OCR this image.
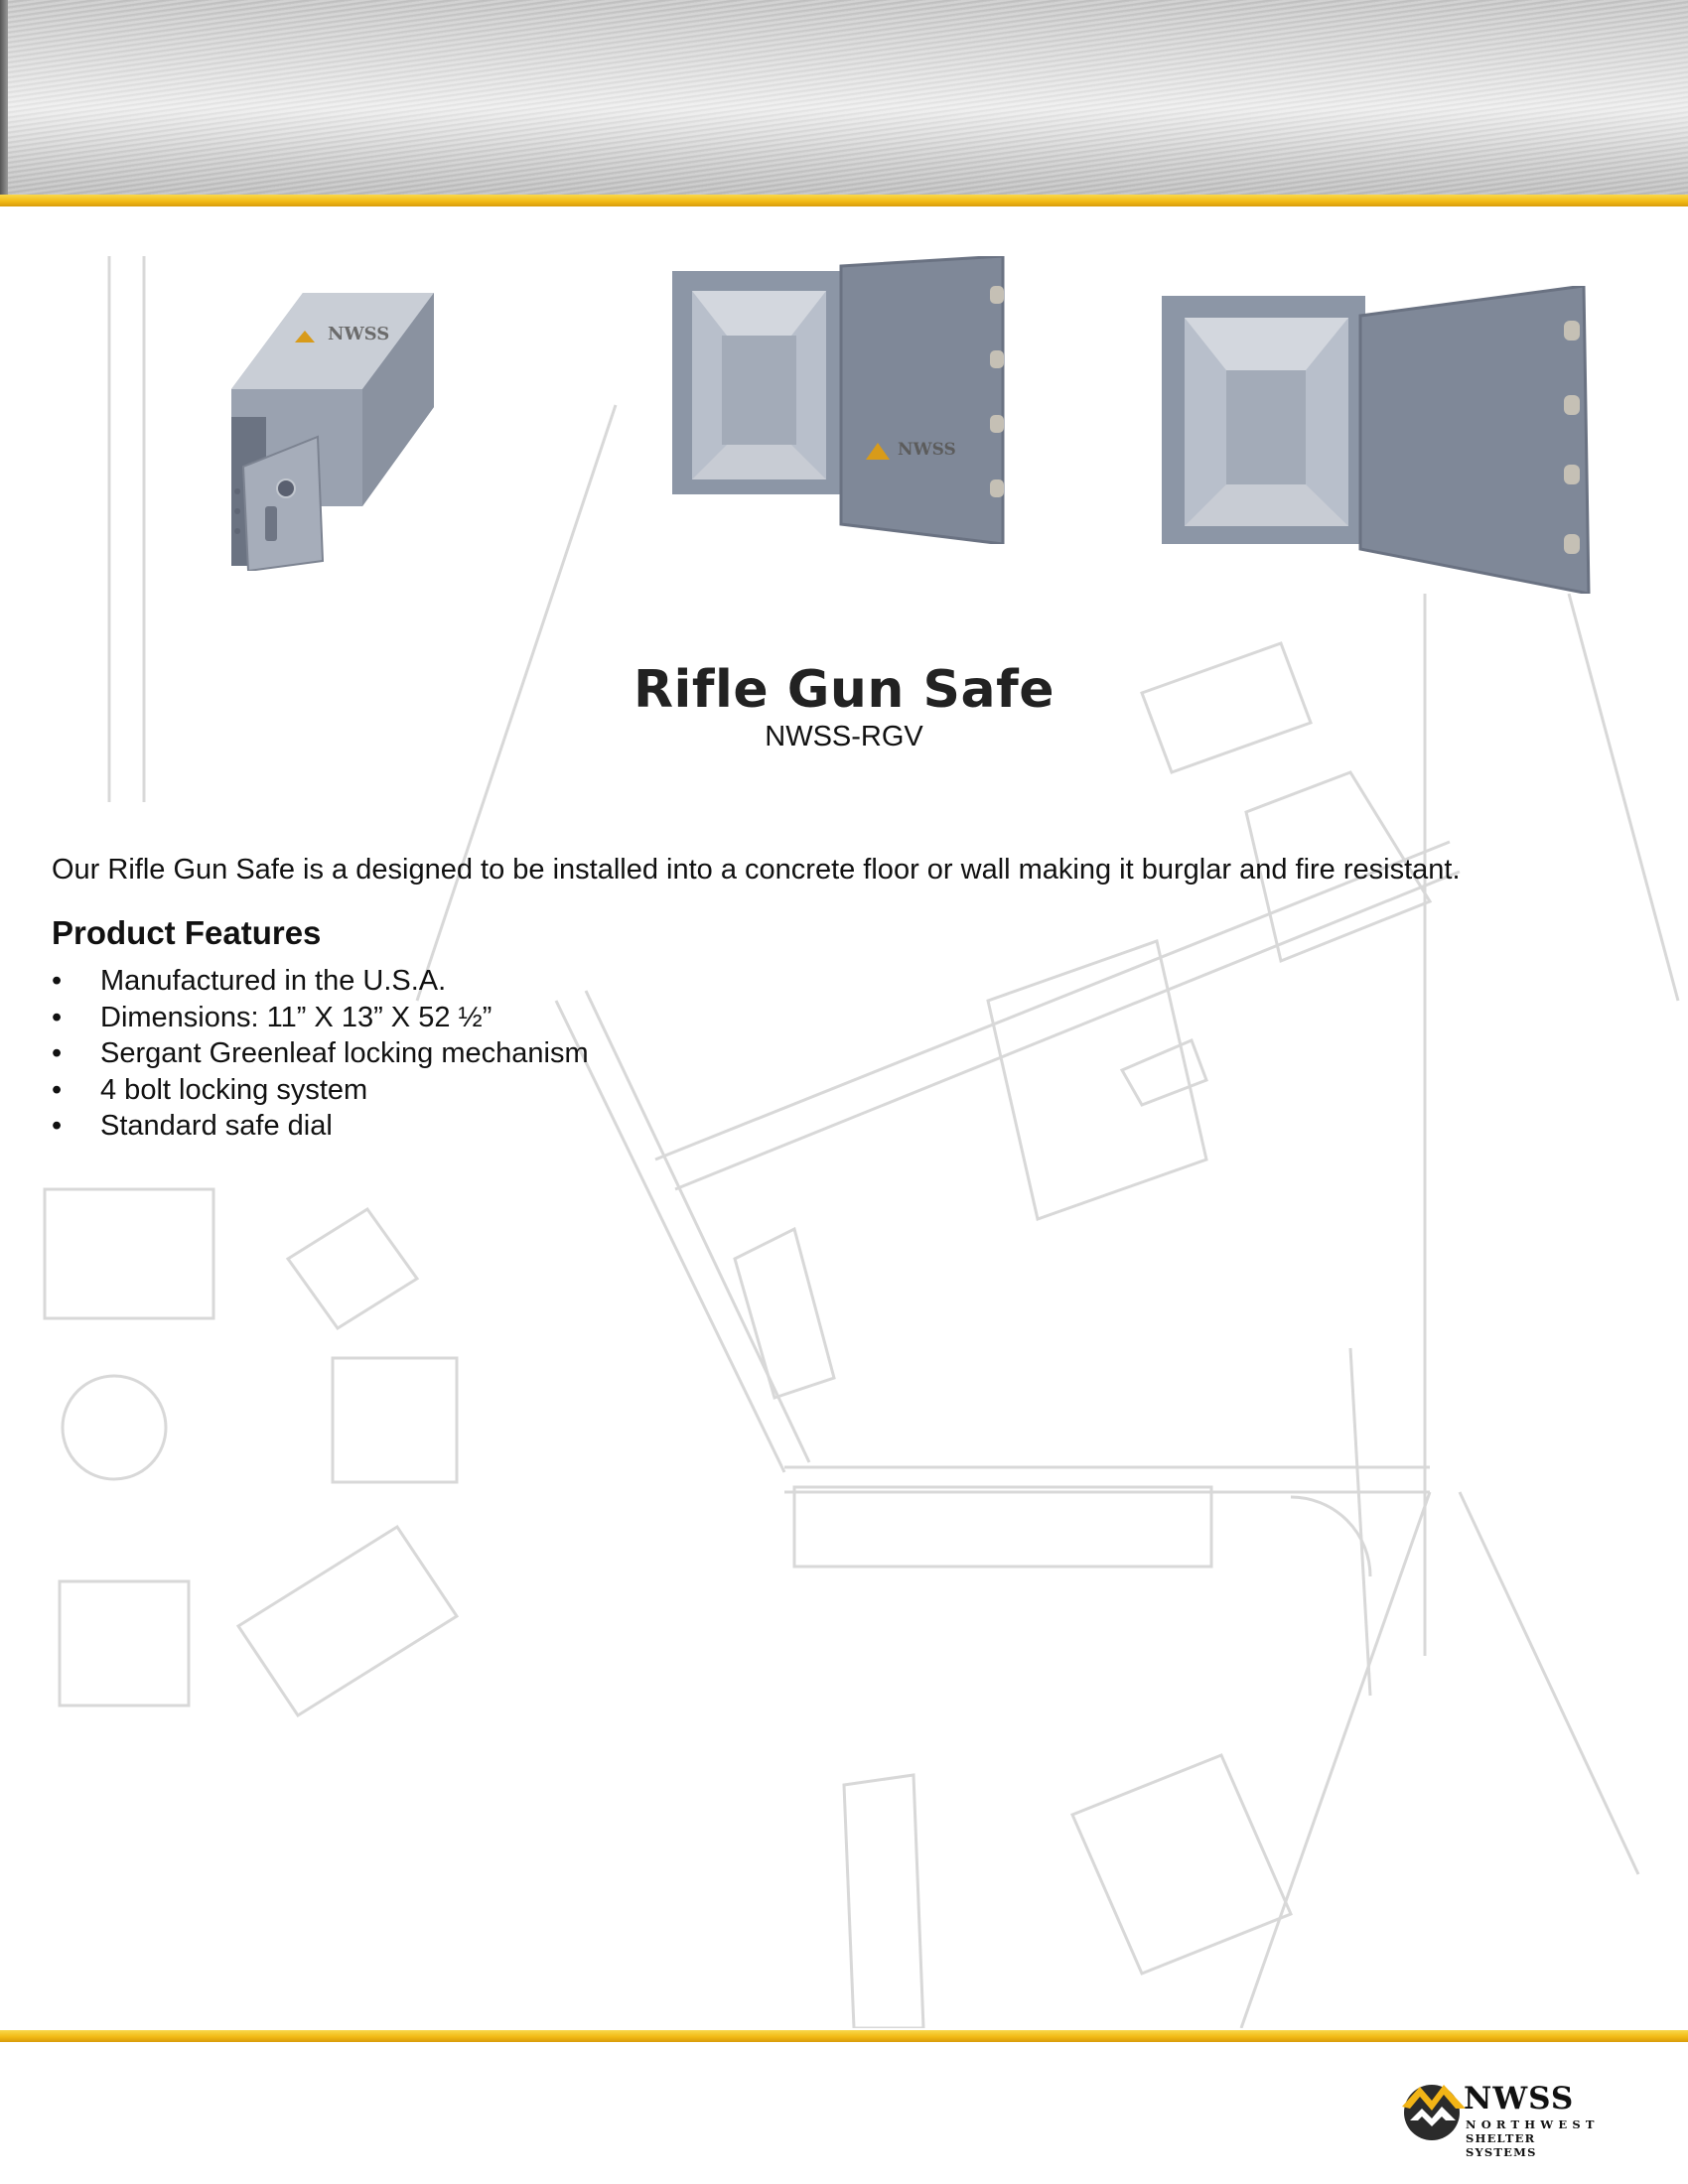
NWSS
NWSS
Rifle Gun Safe
NWSS-RGV

Our Rifle Gun Safe is a designed to be installed into a concrete floor or wall making it burglar and fire resistant.

Product Features
•	Manufactured in the U.S.A.
•	Dimensions: 11” X 13” X 52 ½”
•	Sergant Greenleaf locking mechanism
•	4 bolt locking system
•	Standard safe dial
NWSS
NORTHWEST
SHELTER SYSTEMS
